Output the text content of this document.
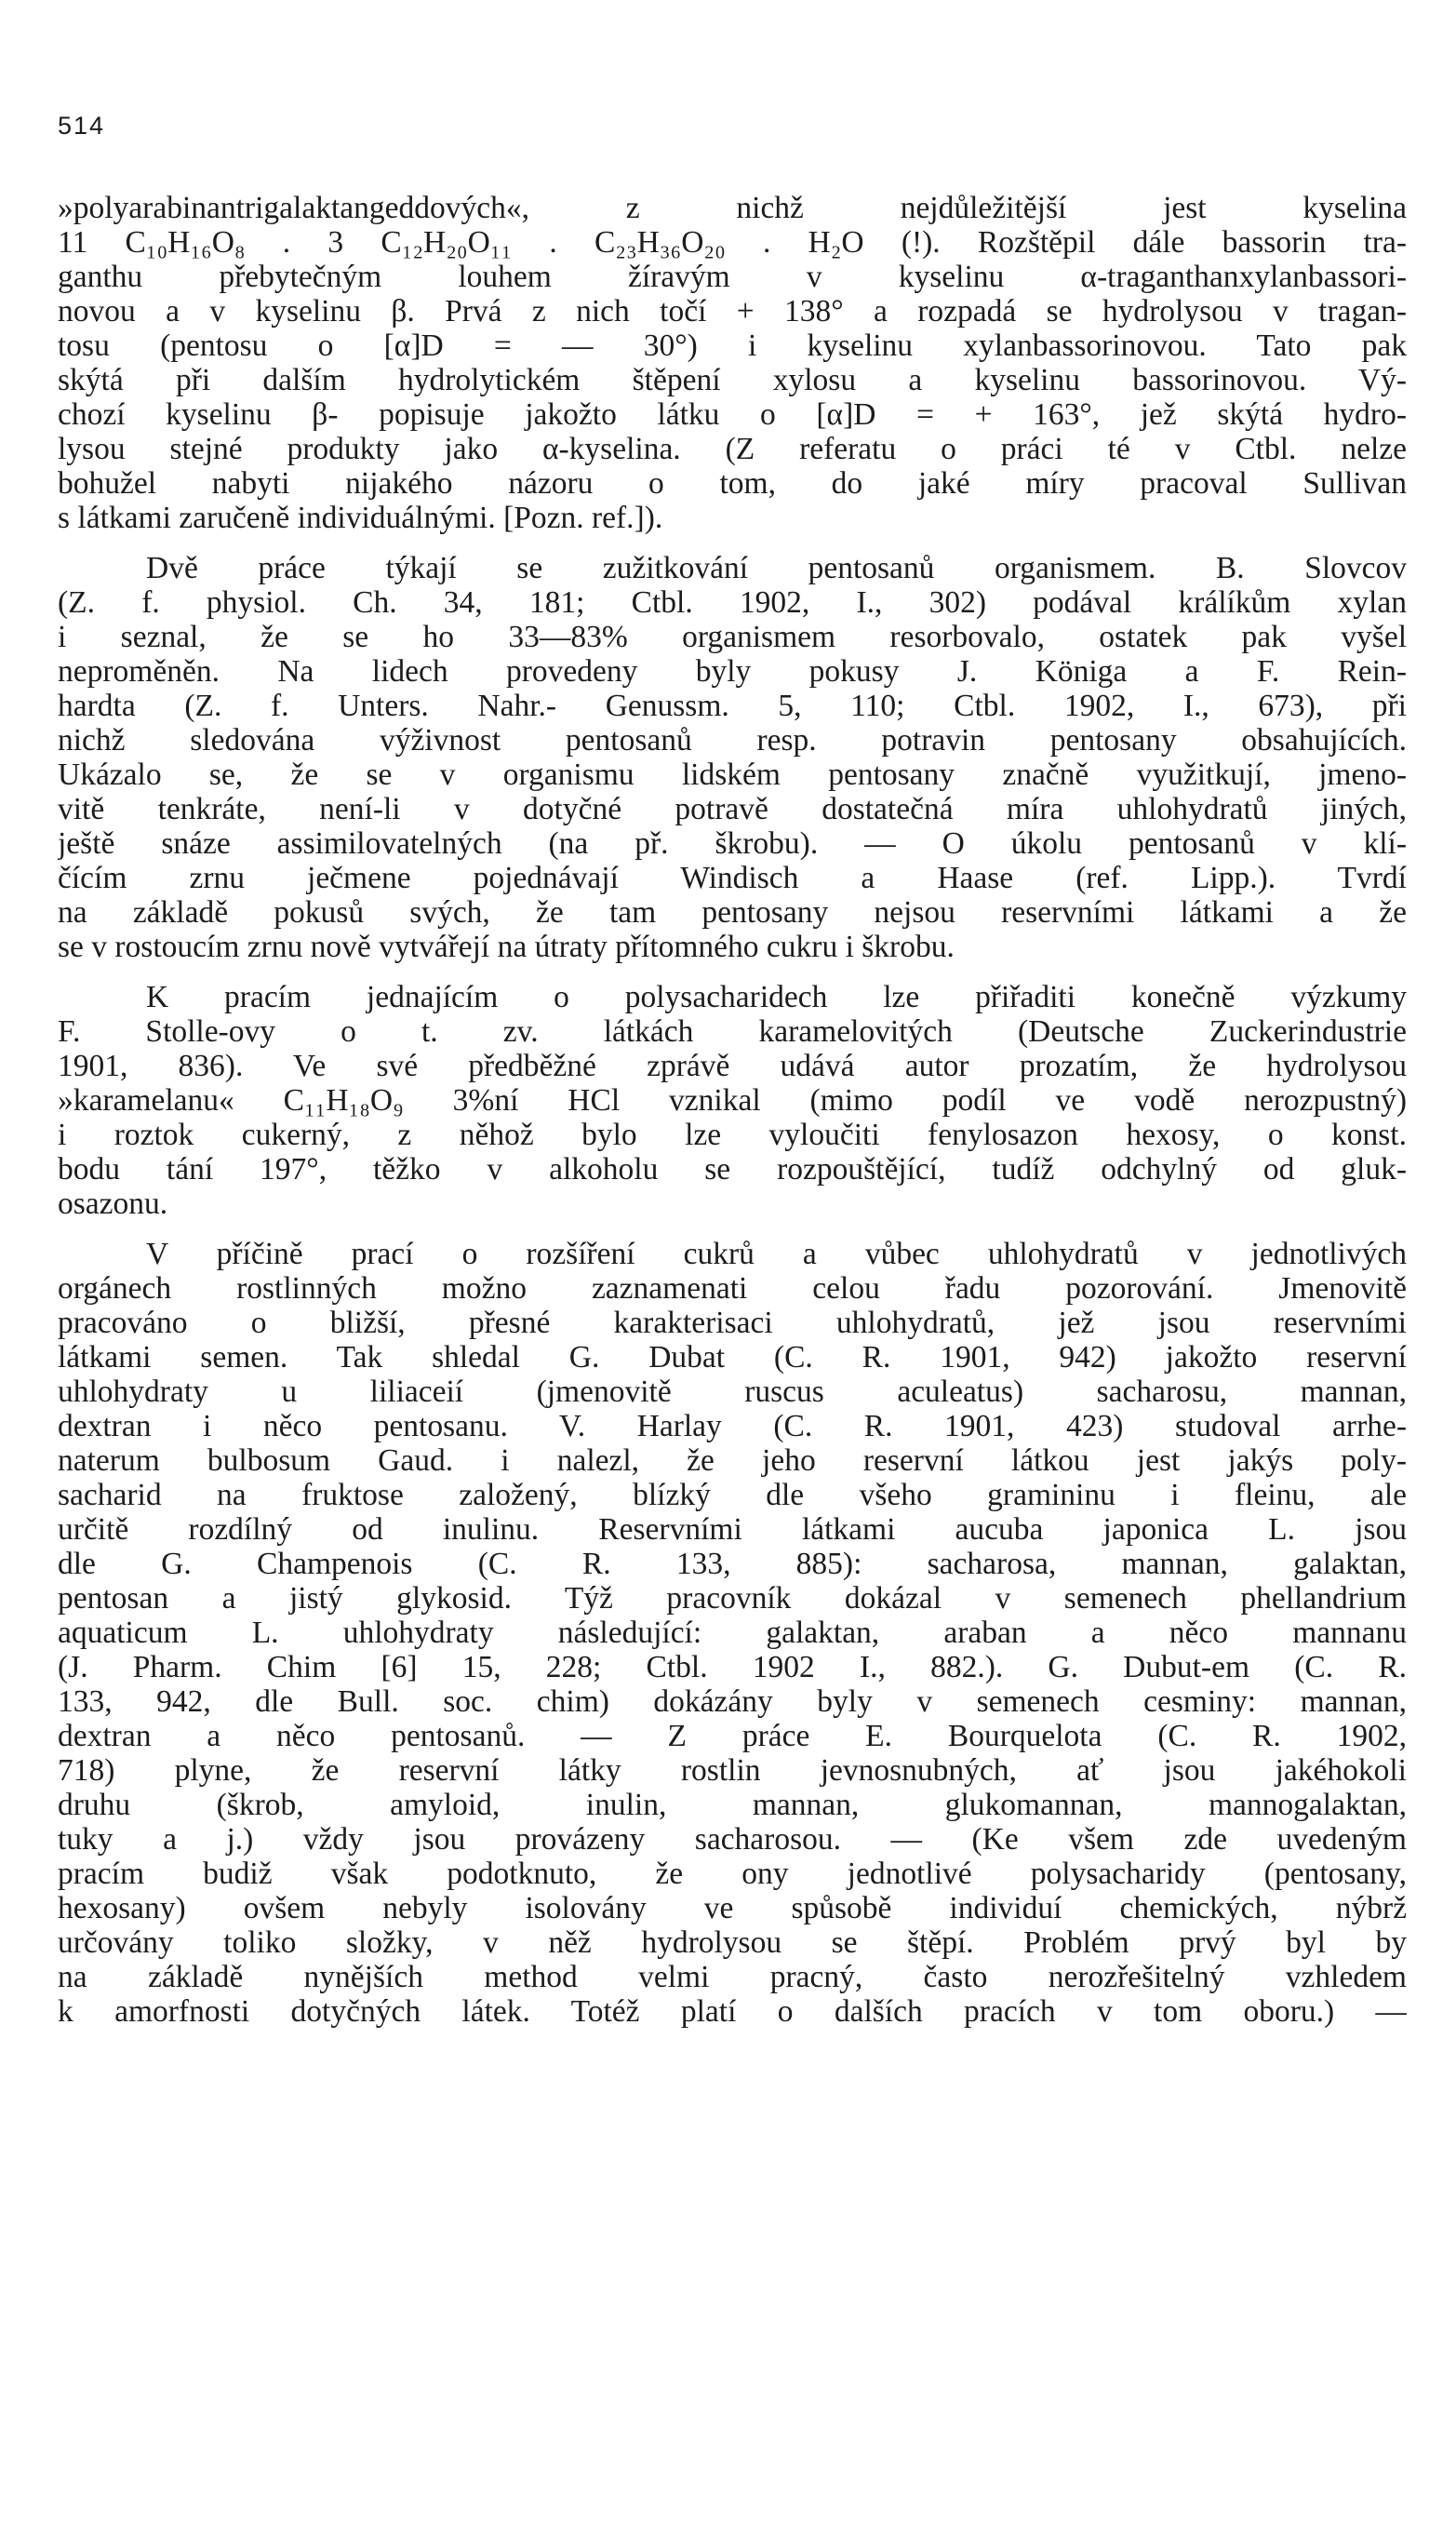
514
»polyarabinantrigalaktangeddových«, z nichž nejdůležitější jest kyselina
11 C₁₀H₁₆O₈ . 3 C₁₂H₂₀O₁₁ . C₂₃H₃₆O₂₀ . H₂O (!). Rozštěpil dále bassorin tra-
ganthu přebytečným louhem žíravým v kyselinu α-traganthanxylanbassori-
novou a v kyselinu β. Prvá z nich točí + 138° a rozpadá se hydrolysou v tragan-
tosu (pentosu o [α]D = — 30°) i kyselinu xylanbassorinovou. Tato pak
skýtá při dalším hydrolytickém štěpení xylosu a kyselinu bassorinovou. Vý-
chozí kyselinu β- popisuje jakožto látku o [α]D = + 163°, jež skýtá hydro-
lysou stejné produkty jako α-kyselina. (Z referatu o práci té v Ctbl. nelze
bohužel nabyti nijakého názoru o tom, do jaké míry pracoval Sullivan
s látkami zaručeně individuálnými. [Pozn. ref.]).
Dvě práce týkají se zužitkování pentosanů organismem. B. Slovcov
(Z. f. physiol. Ch. 34, 181; Ctbl. 1902, I., 302) podával králíkům xylan
i seznal, že se ho 33—83% organismem resorbovalo, ostatek pak vyšel
neproměněn. Na lidech provedeny byly pokusy J. Königa a F. Rein-
hardta (Z. f. Unters. Nahr.- Genussm. 5, 110; Ctbl. 1902, I., 673), při
nichž sledována výživnost pentosanů resp. potravin pentosany obsahujících.
Ukázalo se, že se v organismu lidském pentosany značně využitkují, jmeno-
vitě tenkráte, není-li v dotyčné potravě dostatečná míra uhlohydratů jiných,
ještě snáze assimilovatelných (na př. škrobu). — O úkolu pentosanů v klí-
čícím zrnu ječmene pojednávají Windisch a Haase (ref. Lipp.). Tvrdí
na základě pokusů svých, že tam pentosany nejsou reservními látkami a že
se v rostoucím zrnu nově vytvářejí na útraty přítomného cukru i škrobu.
K pracím jednajícím o polysacharidech lze přiřaditi konečně výzkumy
F. Stolle-ovy o t. zv. látkách karamelovitých (Deutsche Zuckerindustrie
1901, 836). Ve své předběžné zprávě udává autor prozatím, že hydrolysou
»karamelanu« C₁₁H₁₈O₉ 3%ní HCl vznikal (mimo podíl ve vodě nerozpustný)
i roztok cukerný, z něhož bylo lze vyloučiti fenylosazon hexosy, o konst.
bodu tání 197°, těžko v alkoholu se rozpouštějící, tudíž odchylný od gluk-
osazonu.
V příčině prací o rozšíření cukrů a vůbec uhlohydratů v jednotlivých
orgánech rostlinných možno zaznamenati celou řadu pozorování. Jmenovitě
pracováno o bližší, přesné karakterisaci uhlohydratů, jež jsou reservními
látkami semen. Tak shledal G. Dubat (C. R. 1901, 942) jakožto reservní
uhlohydraty u liliaceií (jmenovitě ruscus aculeatus) sacharosu, mannan,
dextran i něco pentosanu. V. Harlay (C. R. 1901, 423) studoval arrhe-
naterum bulbosum Gaud. i nalezl, že jeho reservní látkou jest jakýs poly-
sacharid na fruktose založený, blízký dle všeho gramininu i fleinu, ale
určitě rozdílný od inulinu. Reservními látkami aucuba japonica L. jsou
dle G. Champenois (C. R. 133, 885): sacharosa, mannan, galaktan,
pentosan a jistý glykosid. Týž pracovník dokázal v semenech phellandrium
aquaticum L. uhlohydraty následující: galaktan, araban a něco mannanu
(J. Pharm. Chim [6] 15, 228; Ctbl. 1902 I., 882.). G. Dubut-em (C. R.
133, 942, dle Bull. soc. chim) dokázány byly v semenech cesminy: mannan,
dextran a něco pentosanů. — Z práce E. Bourquelota (C. R. 1902,
718) plyne, že reservní látky rostlin jevnosnubných, ať jsou jakéhokoli
druhu (škrob, amyloid, inulin, mannan, glukomannan, mannogalaktan,
tuky a j.) vždy jsou provázeny sacharosou. — (Ke všem zde uvedeným
pracím budiž však podotknuto, že ony jednotlivé polysacharidy (pentosany,
hexosany) ovšem nebyly isolovány ve spůsobě individuí chemických, nýbrž
určovány toliko složky, v něž hydrolysou se štěpí. Problém prvý byl by
na základě nynějších method velmi pracný, často nerozřešitelný vzhledem
k amorfnosti dotyčných látek. Totéž platí o dalších pracích v tom oboru.) —
